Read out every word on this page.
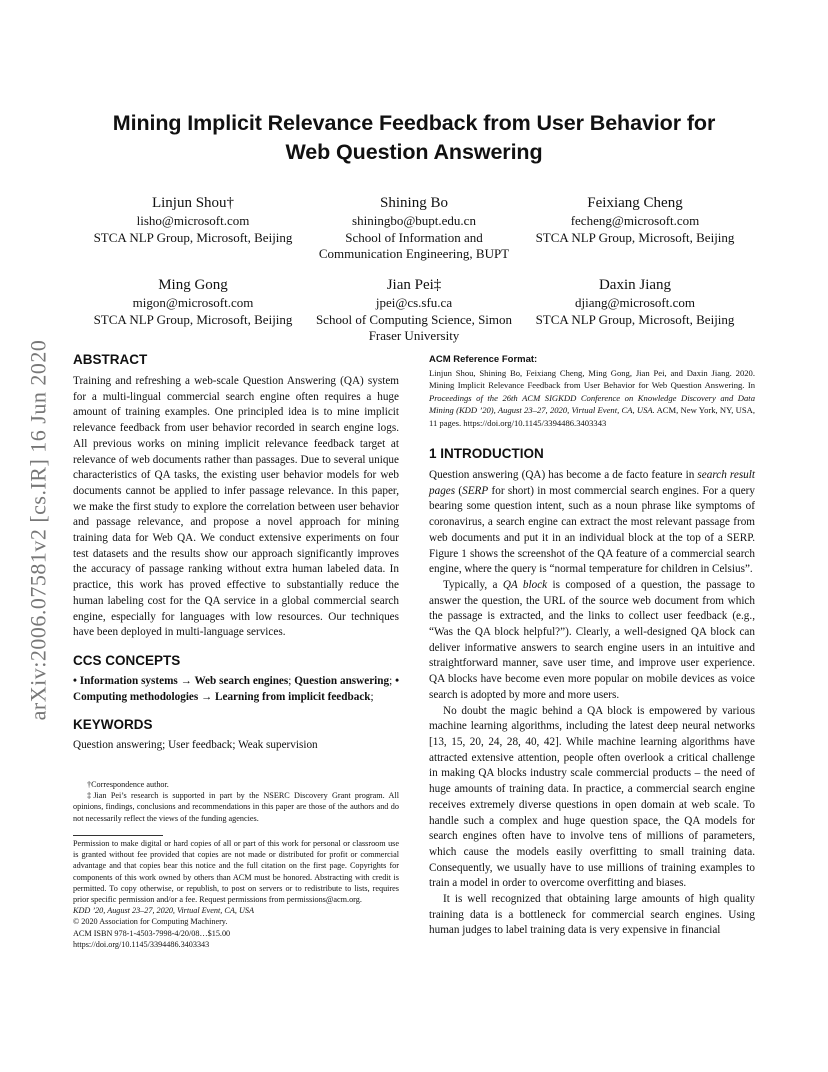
Mining Implicit Relevance Feedback from User Behavior for
Web Question Answering
Linjun Shou†
lisho@microsoft.com
STCA NLP Group, Microsoft, Beijing
Shining Bo
shiningbo@bupt.edu.cn
School of Information and
Communication Engineering, BUPT
Feixiang Cheng
fecheng@microsoft.com
STCA NLP Group, Microsoft, Beijing
Ming Gong
migon@microsoft.com
STCA NLP Group, Microsoft, Beijing
Jian Pei‡
jpei@cs.sfu.ca
School of Computing Science, Simon
Fraser University
Daxin Jiang
djiang@microsoft.com
STCA NLP Group, Microsoft, Beijing
arXiv:2006.07581v2 [cs.IR] 16 Jun 2020 ABSTRACT

Training and refreshing a web-scale Question Answering (QA) system for a multi-lingual commercial search engine often requires a huge amount of training examples. One principled idea is to mine implicit relevance feedback from user behavior recorded in search engine logs. All previous works on mining implicit relevance feedback target at relevance of web documents rather than passages. Due to several unique characteristics of QA tasks, the existing user behavior models for web documents cannot be applied to infer passage relevance. In this paper, we make the first study to explore the correlation between user behavior and passage relevance, and propose a novel approach for mining training data for Web QA. We conduct extensive experiments on four test datasets and the results show our approach significantly improves the accuracy of passage ranking without extra human labeled data. In practice, this work has proved effective to substantially reduce the human labeling cost for the QA service in a global commercial search engine, especially for languages with low resources. Our techniques have been deployed in multi-language services.

CCS CONCEPTS

• Information systems → Web search engines; Question answering; • Computing methodologies → Learning from implicit feedback;

KEYWORDS

Question answering; User feedback; Weak supervision

†Correspondence author.

‡Jian Pei’s research is supported in part by the NSERC Discovery Grant program. All opinions, findings, conclusions and recommendations in this paper are those of the authors and do not necessarily reflect the views of the funding agencies.

Permission to make digital or hard copies of all or part of this work for personal or classroom use is granted without fee provided that copies are not made or distributed for profit or commercial advantage and that copies bear this notice and the full citation on the first page. Copyrights for components of this work owned by others than ACM must be honored. Abstracting with credit is permitted. To copy otherwise, or republish, to post on servers or to redistribute to lists, requires prior specific permission and/or a fee. Request permissions from permissions@acm.org.

KDD ’20, August 23–27, 2020, Virtual Event, CA, USA

© 2020 Association for Computing Machinery.

ACM ISBN 978-1-4503-7998-4/20/08…$15.00

https://doi.org/10.1145/3394486.3403343

ACM Reference Format:

Linjun Shou, Shining Bo, Feixiang Cheng, Ming Gong, Jian Pei, and Daxin Jiang. 2020. Mining Implicit Relevance Feedback from User Behavior for Web Question Answering. In Proceedings of the 26th ACM SIGKDD Conference on Knowledge Discovery and Data Mining (KDD ’20), August 23–27, 2020, Virtual Event, CA, USA. ACM, New York, NY, USA, 11 pages. https://doi.org/10.1145/3394486.3403343

1 INTRODUCTION

Question answering (QA) has become a de facto feature in search result pages (SERP for short) in most commercial search engines. For a query bearing some question intent, such as a noun phrase like symptoms of coronavirus, a search engine can extract the most relevant passage from web documents and put it in an individual block at the top of a SERP. Figure 1 shows the screenshot of the QA feature of a commercial search engine, where the query is “normal temperature for children in Celsius”.

Typically, a QA block is composed of a question, the passage to answer the question, the URL of the source web document from which the passage is extracted, and the links to collect user feedback (e.g., “Was the QA block helpful?”). Clearly, a well-designed QA block can deliver informative answers to search engine users in an intuitive and straightforward manner, save user time, and improve user experience. QA blocks have become even more popular on mobile devices as voice search is adopted by more and more users.

No doubt the magic behind a QA block is empowered by various machine learning algorithms, including the latest deep neural networks [13, 15, 20, 24, 28, 40, 42]. While machine learning algorithms have attracted extensive attention, people often overlook a critical challenge in making QA blocks industry scale commercial products – the need of huge amounts of training data. In practice, a commercial search engine receives extremely diverse questions in open domain at web scale. To handle such a complex and huge question space, the QA models for search engines often have to involve tens of millions of parameters, which cause the models easily overfitting to small training data. Consequently, we usually have to use millions of training examples to train a model in order to overcome overfitting and biases.

It is well recognized that obtaining large amounts of high quality training data is a bottleneck for commercial search engines. Using human judges to label training data is very expensive in financial
